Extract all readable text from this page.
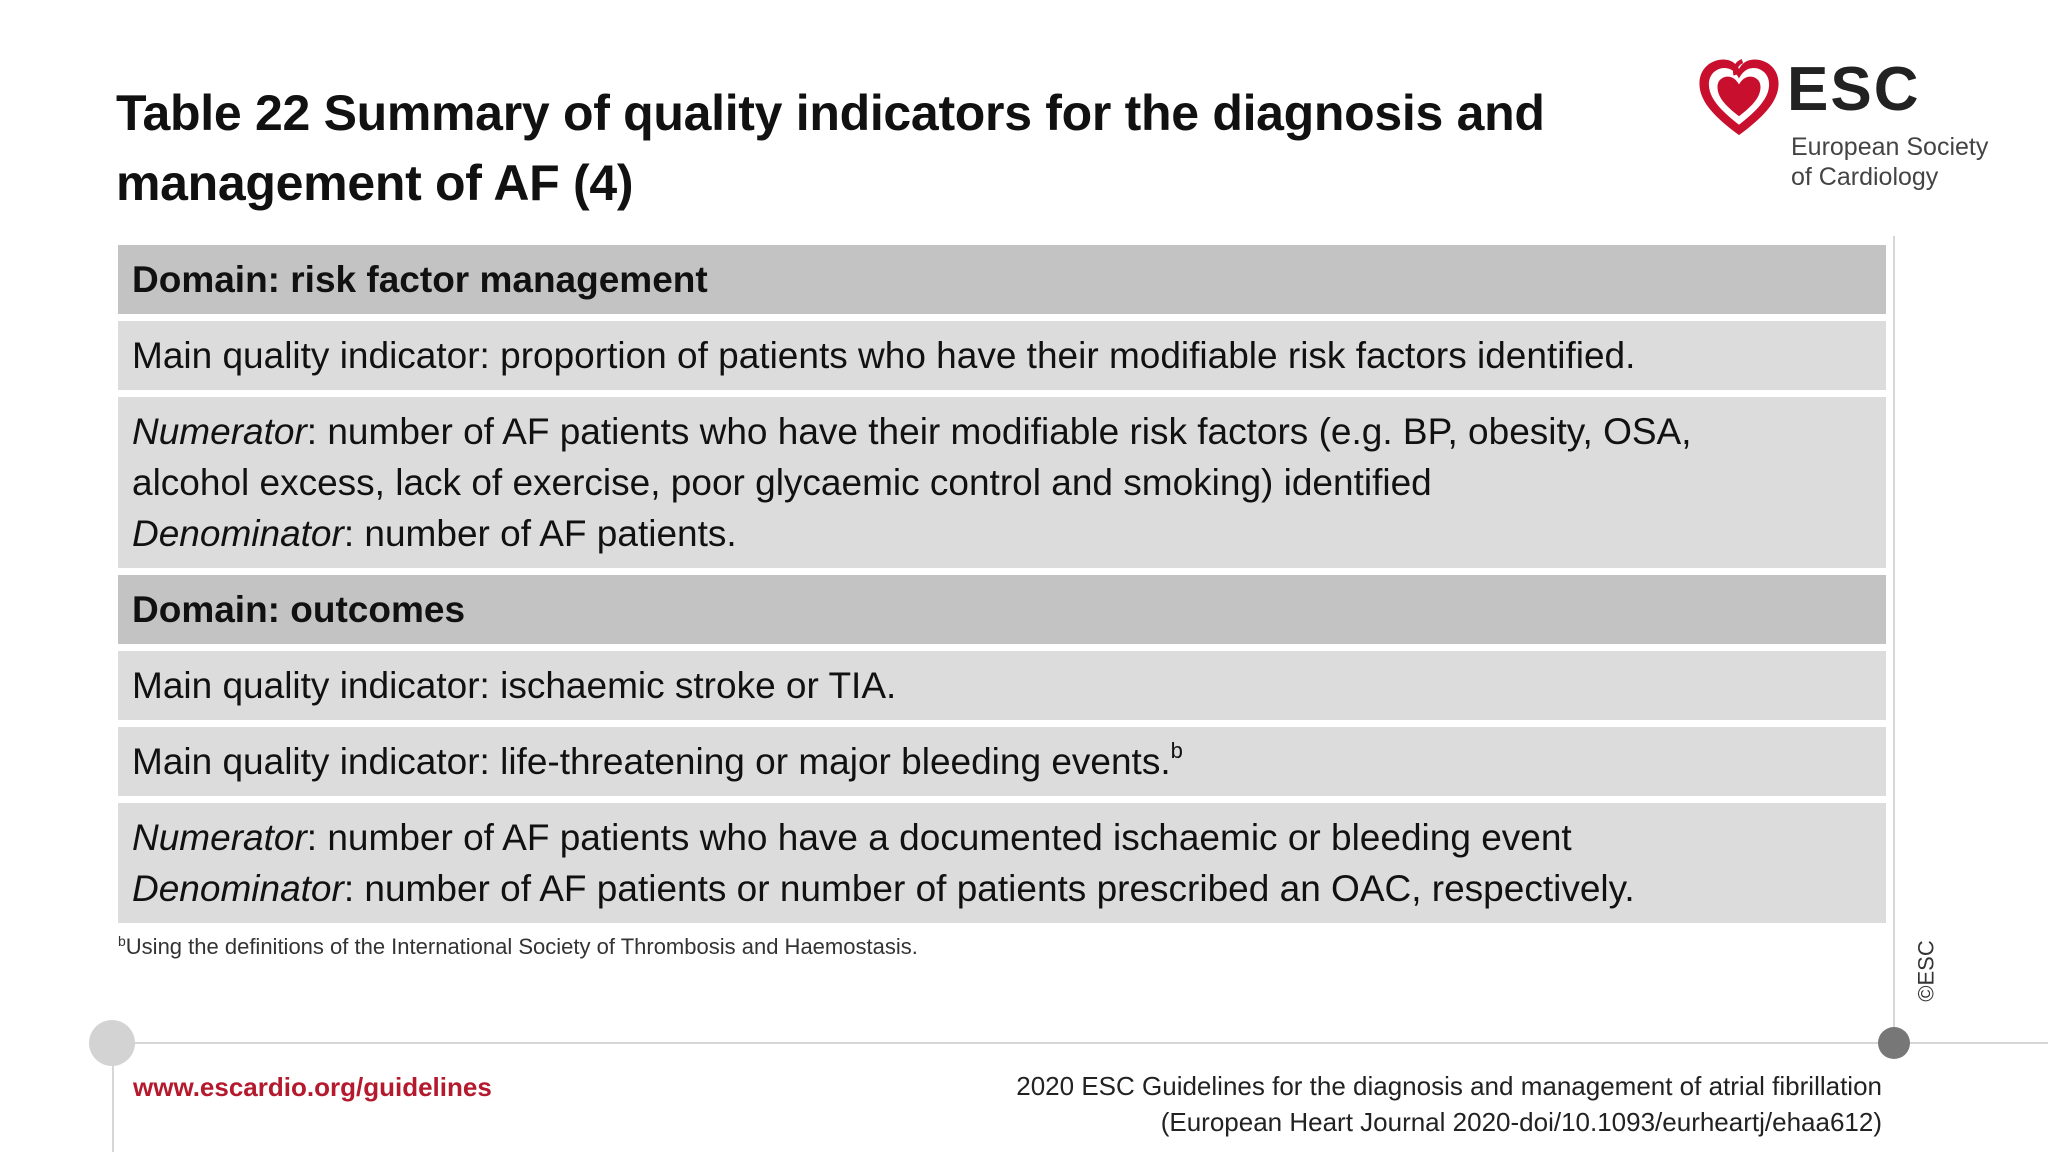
Table 22 Summary of quality indicators for the diagnosis and
management of AF (4)
ESC
European Society
of Cardiology
Domain: risk factor management
Main quality indicator: proportion of patients who have their modifiable risk factors identified.
Numerator: number of AF patients who have their modifiable risk factors (e.g. BP, obesity, OSA,
alcohol excess, lack of exercise, poor glycaemic control and smoking) identified
Denominator: number of AF patients.
Domain: outcomes
Main quality indicator: ischaemic stroke or TIA.
Main quality indicator: life-threatening or major bleeding events.$^b$
Numerator: number of AF patients who have a documented ischaemic or bleeding event
Denominator: number of AF patients or number of patients prescribed an OAC, respectively.
$^b$Using the definitions of the International Society of Thrombosis and Haemostasis.	©ESC
www.escardio.org/guidelines	2020 ESC Guidelines for the diagnosis and management of atrial fibrillation
(European Heart Journal 2020-doi/10.1093/eurheartj/ehaa612)
